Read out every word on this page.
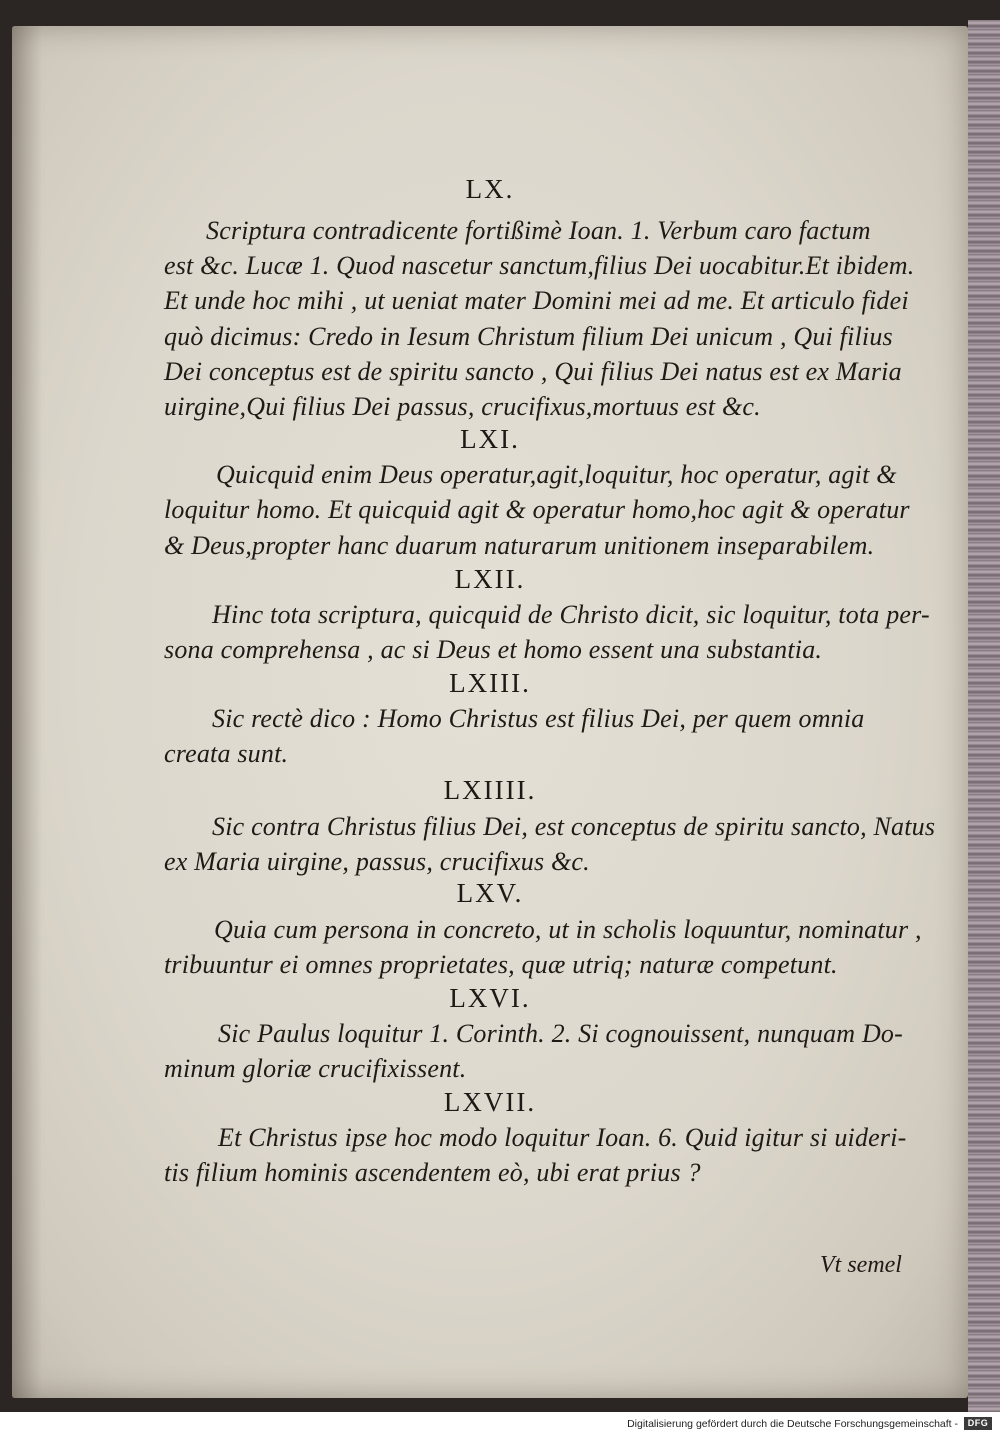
LX.
Scriptura contradicente fortißimè Ioan. 1. Verbum caro factum
est &c. Lucæ 1. Quod nascetur sanctum,filius Dei uocabitur.Et ibidem.
Et unde hoc mihi , ut ueniat mater Domini mei ad me. Et articulo fidei
quò dicimus: Credo in Iesum Christum filium Dei unicum , Qui filius
Dei conceptus est de spiritu sancto , Qui filius Dei natus est ex Maria
uirgine,Qui filius Dei passus, crucifixus,mortuus est &c.
LXI.
Quicquid enim Deus operatur,agit,loquitur, hoc operatur, agit &
loquitur homo. Et quicquid agit & operatur homo,hoc agit & operatur
& Deus,propter hanc duarum naturarum unitionem inseparabilem.
LXII.
Hinc tota scriptura, quicquid de Christo dicit, sic loquitur, tota per-
sona comprehensa , ac si Deus et homo essent una substantia.
LXIII.
Sic rectè dico : Homo Christus est filius Dei, per quem omnia
creata sunt.
LXIIII.
Sic contra Christus filius Dei, est conceptus de spiritu sancto, Natus
ex Maria uirgine, passus, crucifixus &c.
LXV.
Quia cum persona in concreto, ut in scholis loquuntur, nominatur ,
tribuuntur ei omnes proprietates, quæ utriq; naturæ competunt.
LXVI.
Sic Paulus loquitur 1. Corinth. 2. Si cognouissent, nunquam Do-
minum gloriæ crucifixissent.
LXVII.
Et Christus ipse hoc modo loquitur Ioan. 6. Quid igitur si uideri-
tis filium hominis ascendentem eò, ubi erat prius ?
Vt semel
Digitalisierung gefördert durch die Deutsche Forschungsgemeinschaft -	DFG
